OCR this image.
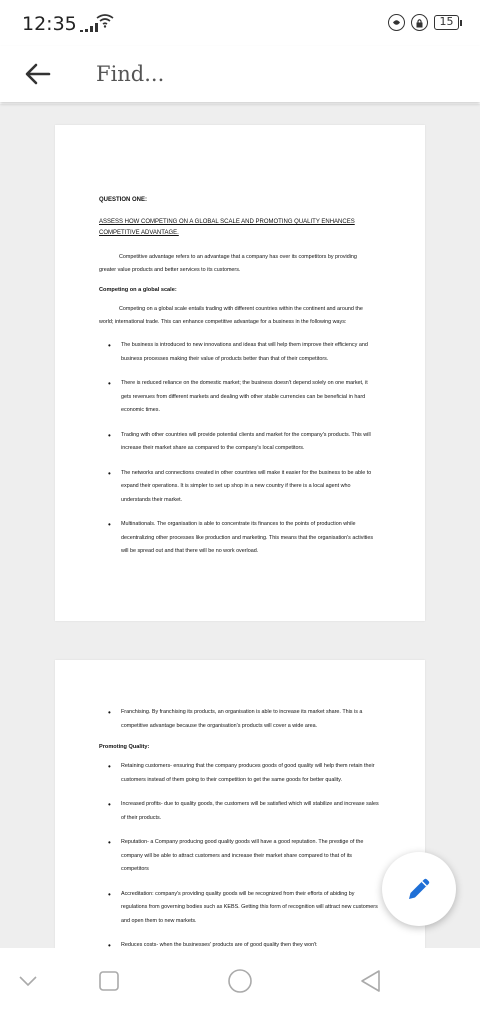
12:35	15
Find...
QUESTION ONE:
ASSESS HOW COMPETING ON A GLOBAL SCALE AND PROMOTING QUALITY ENHANCES COMPETITIVE ADVANTAGE.
Competitive advantage refers to an advantage that a company has over its competitors by providing greater value products and better services to its customers.
Competing on a global scale:
Competing on a global scale entails trading with different countries within the continent and around the world; international trade. This can enhance competitive advantage for a business in the following ways:
• The business is introduced to new innovations and ideas that will help them improve their efficiency and business processes making their value of products better than that of their competitors.
• There is reduced reliance on the domestic market; the business doesn't depend solely on one market, it gets revenues from different markets and dealing with other stable currencies can be beneficial in hard economic times.
• Trading with other countries will provide potential clients and market for the company's products. This will increase their market share as compared to the company's local competitors.
• The networks and connections created in other countries will make it easier for the business to be able to expand their operations. It is simpler to set up shop in a new country if there is a local agent who understands their market.
• Multinationals. The organisation is able to concentrate its finances to the points of production while decentralizing other processes like production and marketing. This means that the organisation's activities will be spread out and that there will be no work overload.
• Franchising. By franchising its products, an organisation is able to increase its market share. This is a competitive advantage because the organisation's products will cover a wide area.
Promoting Quality:
• Retaining customers- ensuring that the company produces goods of good quality will help them retain their customers instead of them going to their competition to get the same goods for better quality.
• Increased profits- due to quality goods, the customers will be satisfied which will stabilize and increase sales of their products.
• Reputation- a Company producing good quality goods will have a good reputation. The prestige of the company will be able to attract customers and increase their market share compared to that of its competitors
• Accreditation: company's providing quality goods will be recognized from their efforts of abiding by regulations from governing bodies such as KEBS. Getting this form of recognition will attract new customers and open them to new markets.
• Reduces costs- when the businesses' products are of good quality then they won't
